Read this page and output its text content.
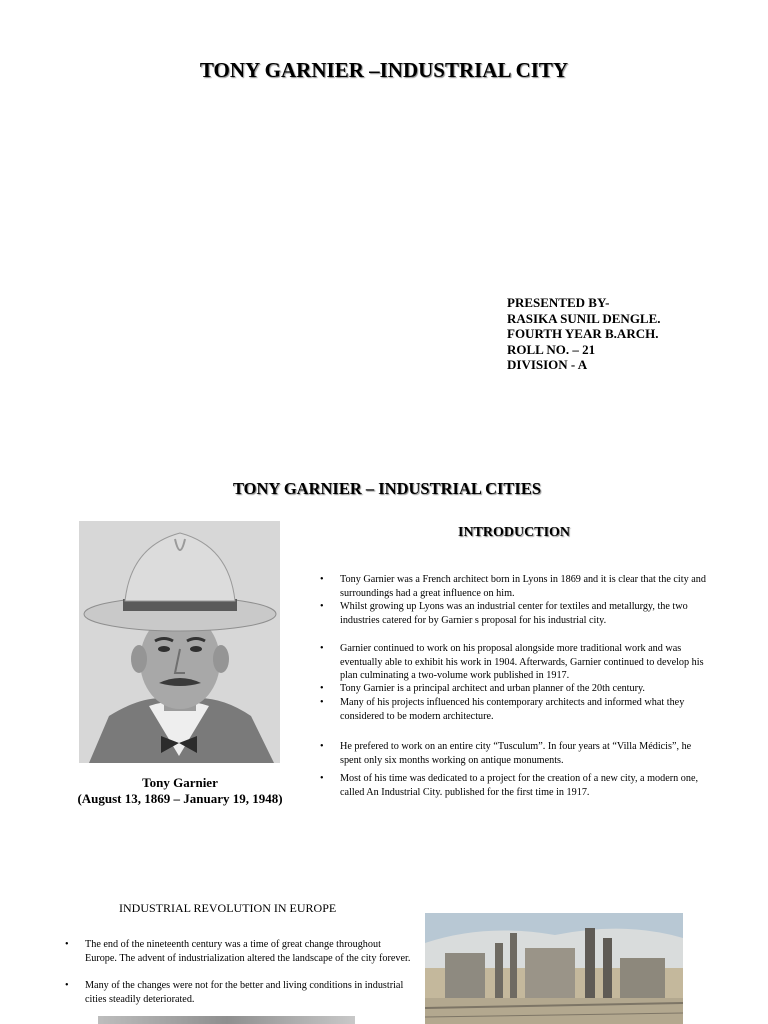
TONY GARNIER –INDUSTRIAL CITY
PRESENTED BY-
RASIKA SUNIL DENGLE.
FOURTH YEAR B.ARCH.
ROLL NO. – 21
DIVISION - A
TONY GARNIER – INDUSTRIAL CITIES
Tony Garnier
(August 13, 1869 – January 19, 1948)
INTRODUCTION
• Tony Garnier was a French architect born in Lyons in 1869 and it is clear that the city and surroundings had a great influence on him.
• Whilst growing up Lyons was an industrial center for textiles and metallurgy, the two industries catered for by Garnier s proposal for his industrial city.
• Garnier continued to work on his proposal alongside more traditional work and was eventually able to exhibit his work in 1904. Afterwards, Garnier continued to develop his plan culminating a two-volume work published in 1917.
• Tony Garnier is a principal architect and urban planner of the 20th century.
• Many of his projects influenced his contemporary architects and informed what they considered to be modern architecture.
• He prefered to work on an entire city “Tusculum”. In four years at “Villa Médicis”, he spent only six months working on antique monuments.
• Most of his time was dedicated to a project for the creation of a new city, a modern one, called An Industrial City. published for the first time in 1917.
INDUSTRIAL REVOLUTION IN EUROPE
• The end of the nineteenth century was a time of great change throughout Europe. The advent of industrialization altered the landscape of the city forever.
• Many of the changes were not for the better and living conditions in industrial cities steadily deteriorated.
